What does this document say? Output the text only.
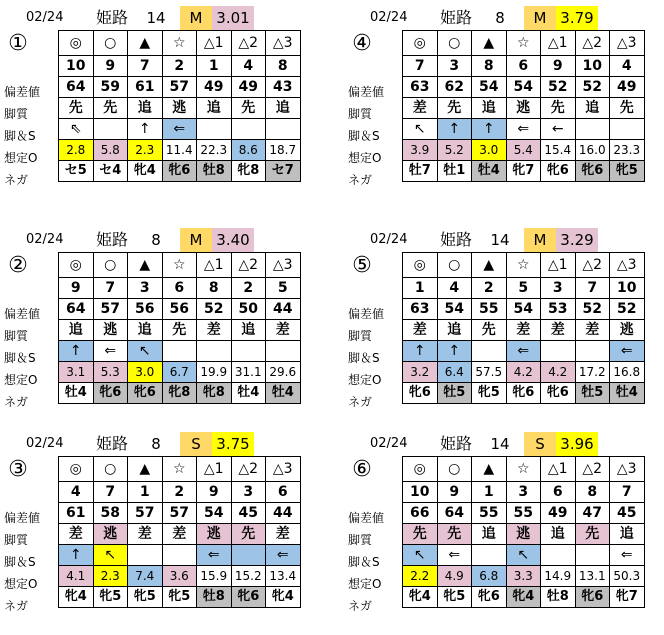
02/24	姫路	14	M 3.01
①
偏差値
脚質
脚＆S
想定O
ネガ
◎	○	▲	☆	△1	△2	△3
10	9	7	2	1	4	8
64	59	61	57	49	49	43
先	先	追	逃	追	先	追
⇖		↑	⇐			
2.8	5.8	2.3	11.4	22.3	8.6	18.7
セ5	セ4	牝4	牝6	牡8	牝8	セ7
02/24	姫路	8	M 3.79
④
偏差値
脚質
脚＆S
想定O
ネガ
◎	○	▲	☆	△1	△2	△3
7	3	8	6	9	10	4
63	62	54	54	52	52	49
差	先	追	逃	先	追	先
↖	↑	↑	⇐	←		
3.9	5.2	3.0	5.4	15.4	16.0	23.3
牡7	牡1	牡4	牝7	牝6	牝6	牝5
02/24	姫路	8	M 3.40
②
偏差値
脚質
脚＆S
想定O
ネガ
◎	○	▲	☆	△1	△2	△3
9	7	3	6	8	2	5
64	57	56	56	52	50	44
追	逃	追	先	差	追	差
↑	⇐	↖				
3.1	5.3	3.0	6.7	19.9	31.1	29.6
牡4	牝6	牝6	牝8	牝8	牡4	牡4
02/24	姫路	14	M 3.29
⑤
偏差値
脚質
脚＆S
想定O
ネガ
◎	○	▲	☆	△1	△2	△3
1	4	2	5	3	7	10
63	54	55	54	53	52	52
差	追	先	差	差	差	逃
↑	↑		⇐			⇐
3.2	6.4	57.5	4.2	4.2	17.2	16.8
牝6	牡5	牝5	牝6	牝6	牡5	牡4
02/24	姫路	8	S	3.75
③
偏差値
脚質
脚＆S
想定O
ネガ
◎	○	▲	☆	△1	△2	△3
4	7	1	2	9	3	6
61	58	57	57	54	45	44
差	逃	差	差	逃	先	差
↑	↖			⇐		⇐
4.1	2.3	7.4	3.6	15.9	15.2	13.4
牝4	牝5	牝5	牝5	牡8	牝6	牝4
02/24	姫路	14	S	3.96
⑥
偏差値
脚質
脚＆S
想定O
ネガ
◎	○	▲	☆	△1	△2	△3
10	9	1	3	6	8	7
66	64	55	55	49	47	45
先	先	追	逃	追	先	追
↖	⇐		↖			⇐
2.2	4.9	6.8	3.3	14.9	13.1	50.3
牝4	牝5	牝6	牝4	牡8	牝6	牝7
